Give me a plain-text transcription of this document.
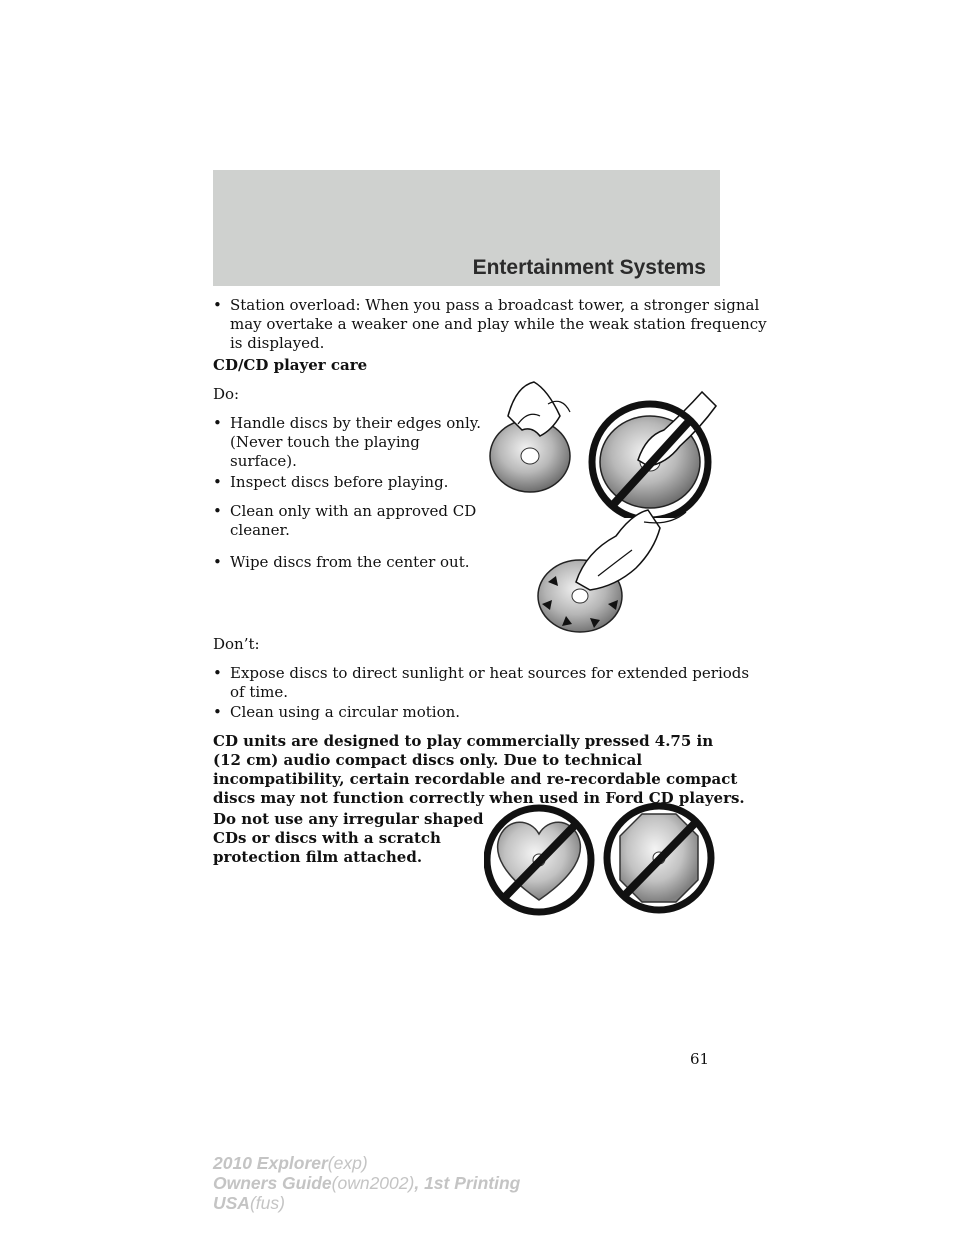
Entertainment Systems
• Station overload: When you pass a broadcast tower, a stronger signal
may overtake a weaker one and play while the weak station frequency
is displayed.
CD/CD player care
Do:
• Handle discs by their edges only.
(Never touch the playing
surface).
• Inspect discs before playing.
• Clean only with an approved CD
cleaner.
• Wipe discs from the center out.
Don’t:
• Expose discs to direct sunlight or heat sources for extended periods
of time.
• Clean using a circular motion.
CD units are designed to play commercially pressed 4.75 in
(12 cm) audio compact discs only. Due to technical
incompatibility, certain recordable and re-recordable compact
discs may not function correctly when used in Ford CD players.
Do not use any irregular shaped
CDs or discs with a scratch
protection film attached.
61
2010 Explorer(exp)
Owners Guide(own2002), 1st Printing
USA(fus)
